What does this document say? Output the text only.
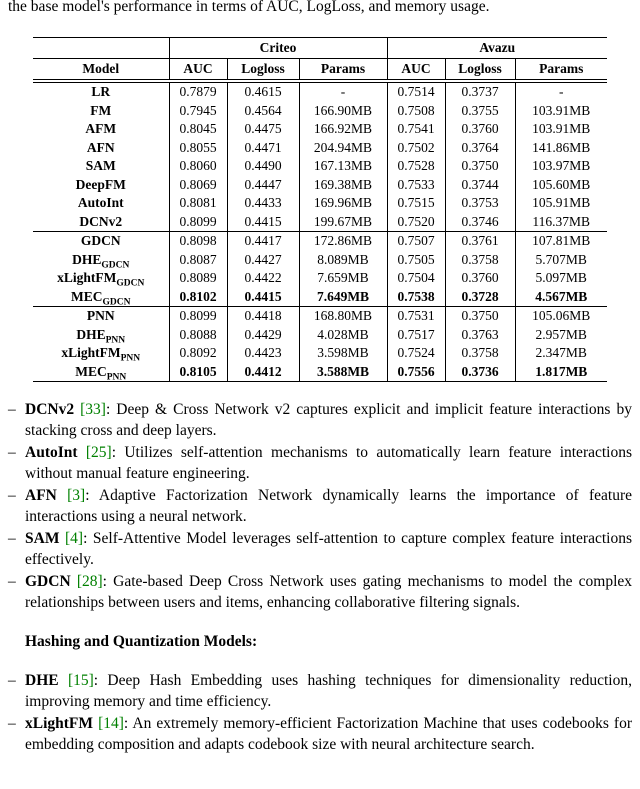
the base model's performance in terms of AUC, LogLoss, and memory usage.

	Criteo			Avazu		
Model	AUC	Logloss	Params	AUC	Logloss	Params
LR	0.7879	0.4615	-	0.7514	0.3737	-
FM	0.7945	0.4564	166.90MB	0.7508	0.3755	103.91MB
AFM	0.8045	0.4475	166.92MB	0.7541	0.3760	103.91MB
AFN	0.8055	0.4471	204.94MB	0.7502	0.3764	141.86MB
SAM	0.8060	0.4490	167.13MB	0.7528	0.3750	103.97MB
DeepFM	0.8069	0.4447	169.38MB	0.7533	0.3744	105.60MB
AutoInt	0.8081	0.4433	169.96MB	0.7515	0.3753	105.91MB
DCNv2	0.8099	0.4415	199.67MB	0.7520	0.3746	116.37MB
GDCN	0.8098	0.4417	172.86MB	0.7507	0.3761	107.81MB
$DHE_{GDCN}$	0.8087	0.4427	8.089MB	0.7505	0.3758	5.707MB
xLightFM$_{GDCN}$	0.8089	0.4422	7.659MB	0.7504	0.3760	5.097MB
$MEC_{GDCN}$	0.8102	0.4415	7.649MB	0.7538	0.3728	4.567MB
PNN	0.8099	0.4418	168.80MB	0.7531	0.3750	105.06MB
$DHE_{PNN}$	0.8088	0.4429	4.028MB	0.7517	0.3763	2.957MB
xLightFM$_{PNN}$	0.8092	0.4423	3.598MB	0.7524	0.3758	2.347MB
$MEC_{PNN}$	0.8105	0.4412	3.588MB	0.7556	0.3736	1.817MB
– DCNv2 [33]: Deep & Cross Network v2 captures explicit and implicit feature interactions by stacking cross and deep layers.
– AutoInt [25]: Utilizes self-attention mechanisms to automatically learn feature interactions without manual feature engineering.
– AFN [3]: Adaptive Factorization Network dynamically learns the importance of feature interactions using a neural network.
– SAM [4]: Self-Attentive Model leverages self-attention to capture complex feature interactions effectively.
– GDCN [28]: Gate-based Deep Cross Network uses gating mechanisms to model the complex relationships between users and items, enhancing collaborative filtering signals.
Hashing and Quantization Models:
– DHE [15]: Deep Hash Embedding uses hashing techniques for dimensionality reduction, improving memory and time efficiency.
– xLightFM [14]: An extremely memory-efficient Factorization Machine that uses codebooks for embedding composition and adapts codebook size with neural architecture search.
